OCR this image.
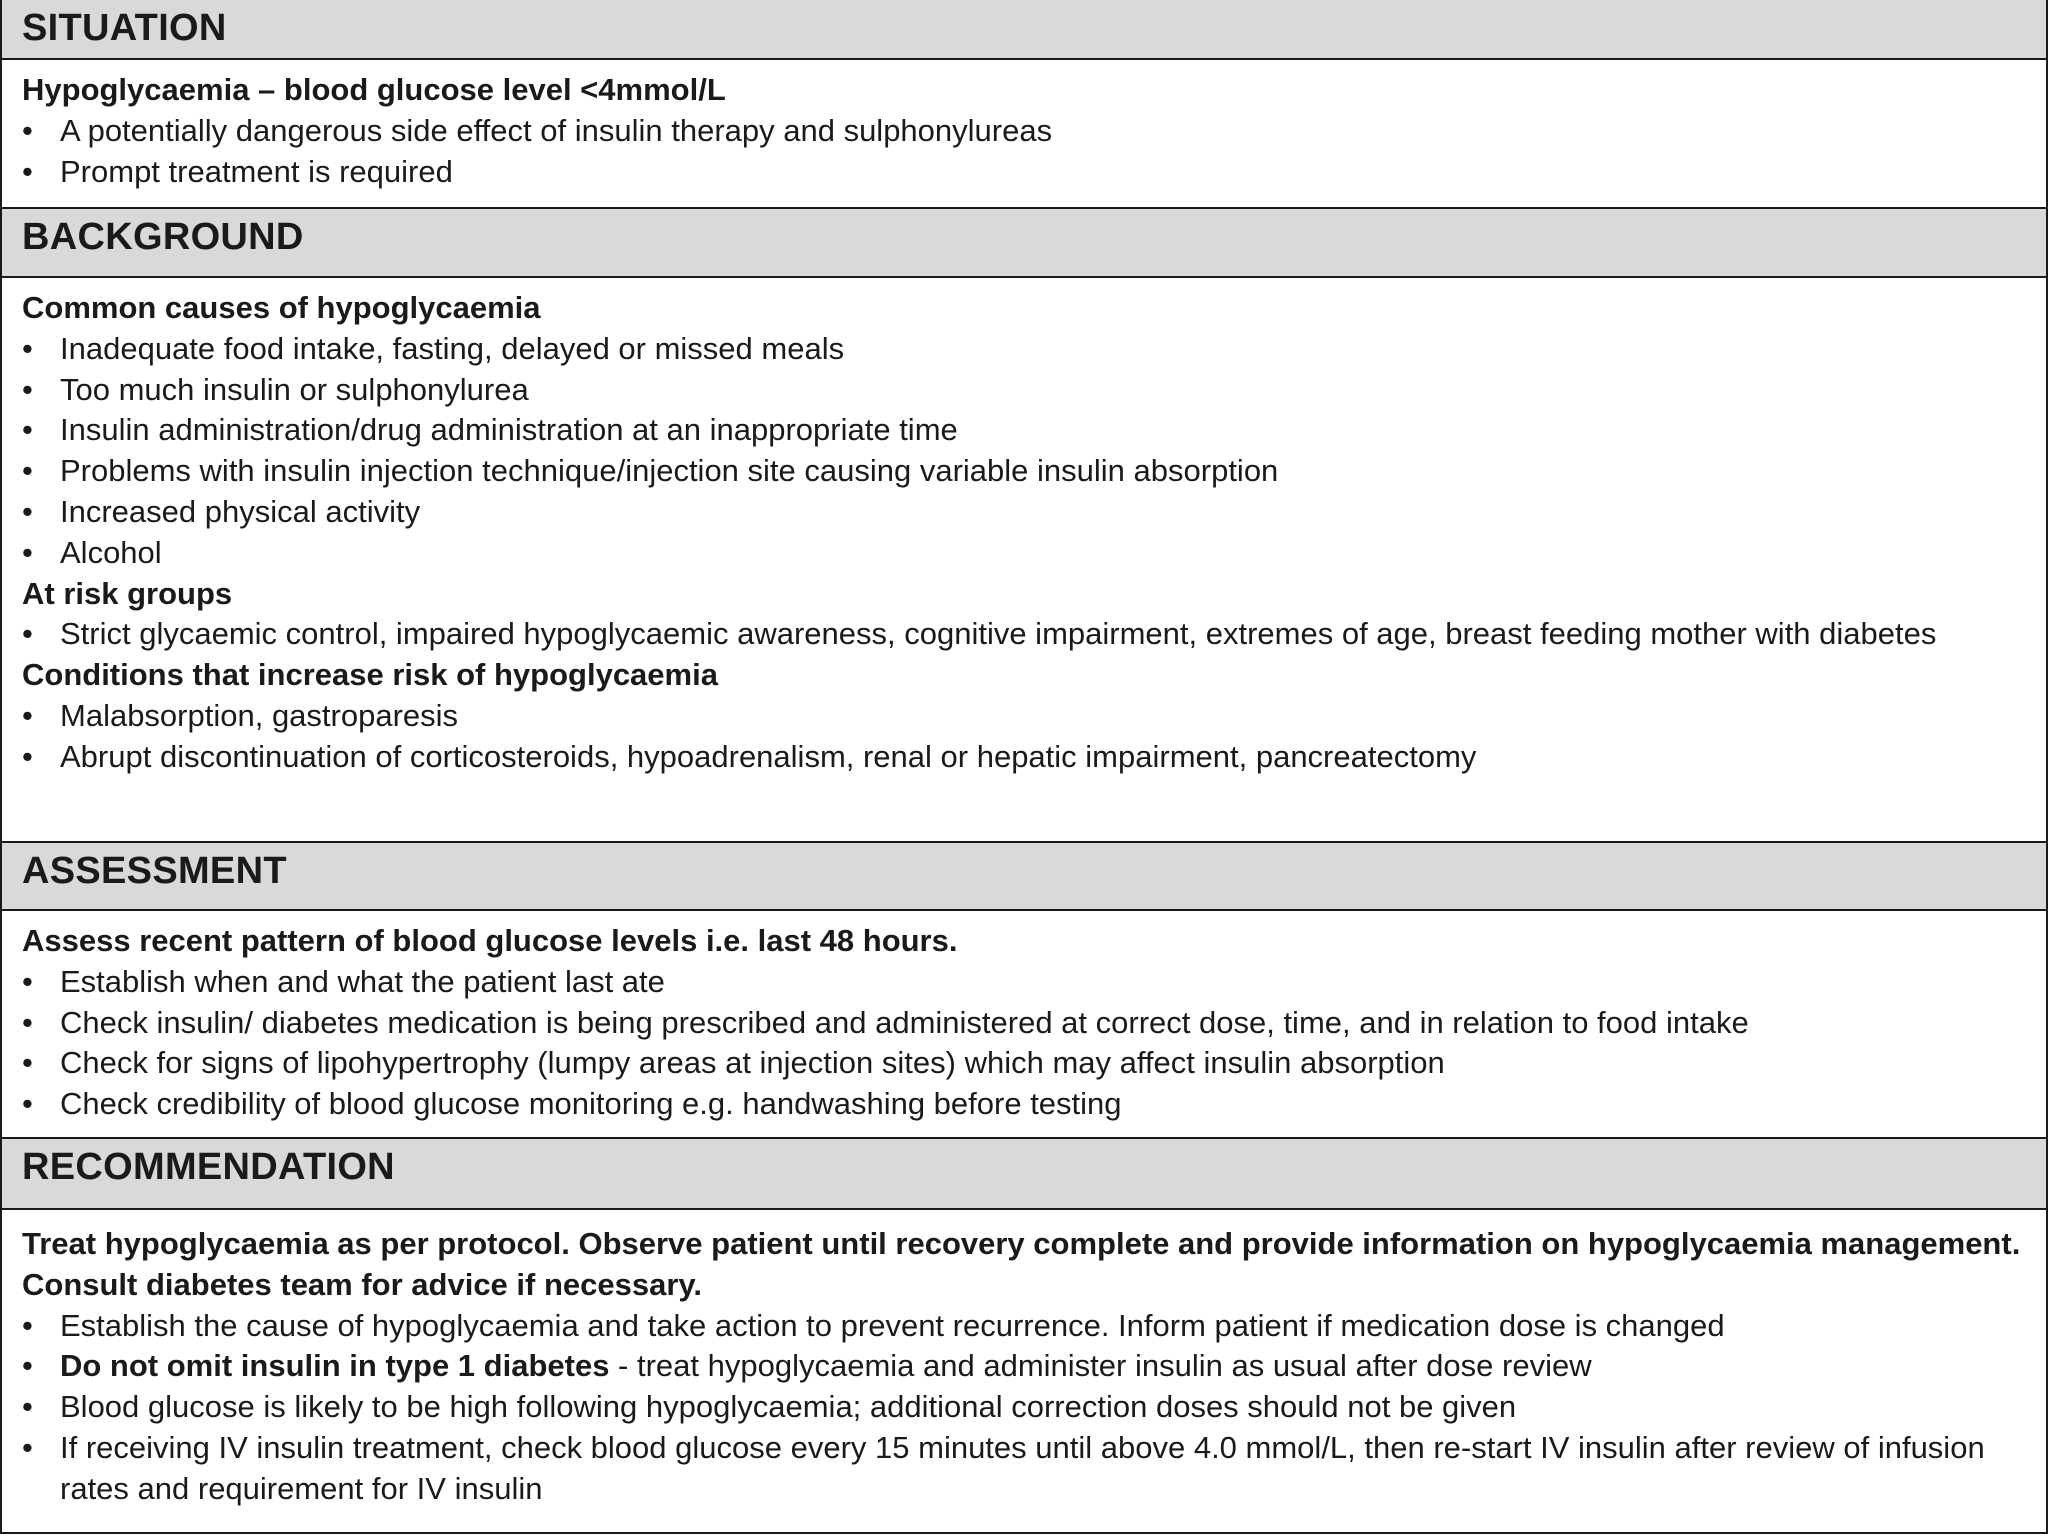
SITUATION
Hypoglycaemia – blood glucose level <4mmol/L
• A potentially dangerous side effect of insulin therapy and sulphonylureas
• Prompt treatment is required
BACKGROUND
Common causes of hypoglycaemia
• Inadequate food intake, fasting, delayed or missed meals
• Too much insulin or sulphonylurea
• Insulin administration/drug administration at an inappropriate time
• Problems with insulin injection technique/injection site causing variable insulin absorption
• Increased physical activity
• Alcohol
At risk groups
• Strict glycaemic control, impaired hypoglycaemic awareness, cognitive impairment, extremes of age, breast feeding mother with diabetes
Conditions that increase risk of hypoglycaemia
• Malabsorption, gastroparesis
• Abrupt discontinuation of corticosteroids, hypoadrenalism, renal or hepatic impairment, pancreatectomy
ASSESSMENT
Assess recent pattern of blood glucose levels i.e. last 48 hours.
• Establish when and what the patient last ate
• Check insulin/ diabetes medication is being prescribed and administered at correct dose, time, and in relation to food intake
• Check for signs of lipohypertrophy (lumpy areas at injection sites) which may affect insulin absorption
• Check credibility of blood glucose monitoring e.g. handwashing before testing
RECOMMENDATION
Treat hypoglycaemia as per protocol. Observe patient until recovery complete and provide information on hypoglycaemia management. Consult diabetes team for advice if necessary.
• Establish the cause of hypoglycaemia and take action to prevent recurrence. Inform patient if medication dose is changed
• Do not omit insulin in type 1 diabetes - treat hypoglycaemia and administer insulin as usual after dose review
• Blood glucose is likely to be high following hypoglycaemia; additional correction doses should not be given
• If receiving IV insulin treatment, check blood glucose every 15 minutes until above 4.0 mmol/L, then re-start IV insulin after review of infusion rates and requirement for IV insulin
